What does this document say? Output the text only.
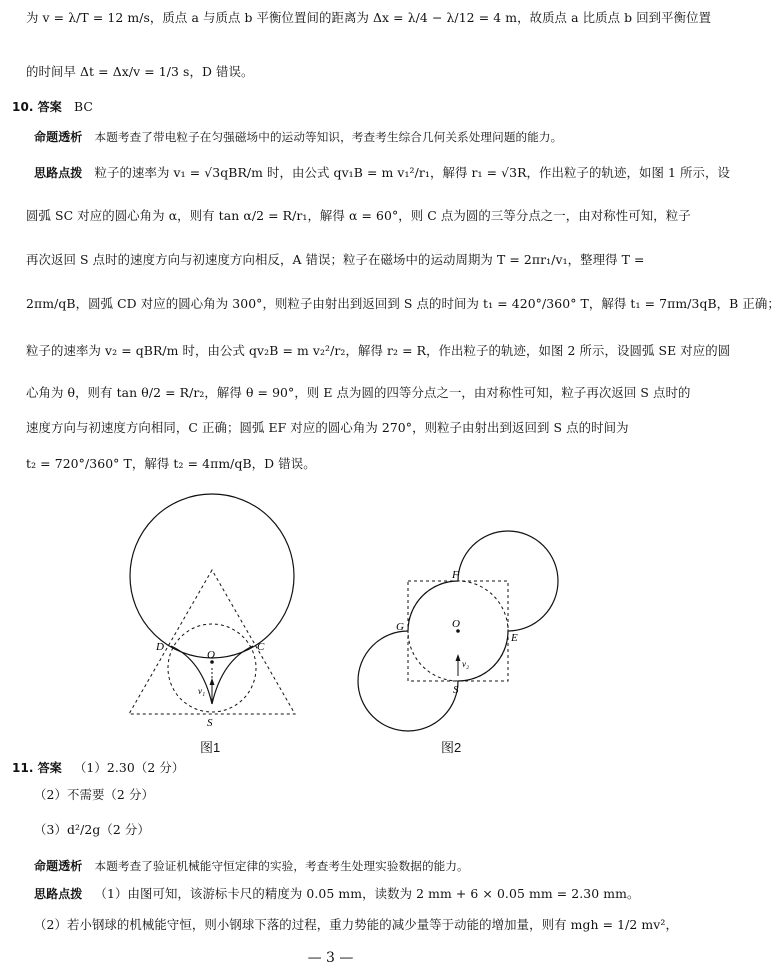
为 v = λ/T = 12 m/s，质点 a 与质点 b 平衡位置间的距离为 Δx = λ/4 − λ/12 = 4 m，故质点 a 比质点 b 回到平衡位置
的时间早 Δt = Δx/v = 1/3 s，D 错误。
10. 答案 BC
命题透析 本题考查了带电粒子在匀强磁场中的运动等知识，考查考生综合几何关系处理问题的能力。
思路点拨 粒子的速率为 v₁ = √3qBR/m 时，由公式 qv₁B = m v₁²/r₁，解得 r₁ = √3R，作出粒子的轨迹，如图 1 所示，设
圆弧 SC 对应的圆心角为 α，则有 tan α/2 = R/r₁，解得 α = 60°，则 C 点为圆的三等分点之一，由对称性可知，粒子
再次返回 S 点时的速度方向与初速度方向相反，A 错误；粒子在磁场中的运动周期为 T = 2πr₁/v₁，整理得 T =
2πm/qB，圆弧 CD 对应的圆心角为 300°，则粒子由射出到返回到 S 点的时间为 t₁ = 420°/360° T，解得 t₁ = 7πm/3qB，B 正确；
粒子的速率为 v₂ = qBR/m 时，由公式 qv₂B = m v₂²/r₂，解得 r₂ = R，作出粒子的轨迹，如图 2 所示，设圆弧 SE 对应的圆
心角为 θ，则有 tan θ/2 = R/r₂，解得 θ = 90°，则 E 点为圆的四等分点之一，由对称性可知，粒子再次返回 S 点时的
速度方向与初速度方向相同，C 正确；圆弧 EF 对应的圆心角为 270°，则粒子由射出到返回到 S 点的时间为
t₂ = 720°/360° T，解得 t₂ = 4πm/qB，D 错误。
D	C
O
S
v₁
图1
F
G	O
E
S
v₂
图2
11. 答案 （1）2.30（2 分）
（2）不需要（2 分）
（3）d²/2g（2 分）
命题透析 本题考查了验证机械能守恒定律的实验，考查考生处理实验数据的能力。
思路点拨 （1）由图可知，该游标卡尺的精度为 0.05 mm，读数为 2 mm + 6 × 0.05 mm = 2.30 mm。
（2）若小钢球的机械能守恒，则小钢球下落的过程，重力势能的减少量等于动能的增加量，则有 mgh = 1/2 mv²，
— 3 —
